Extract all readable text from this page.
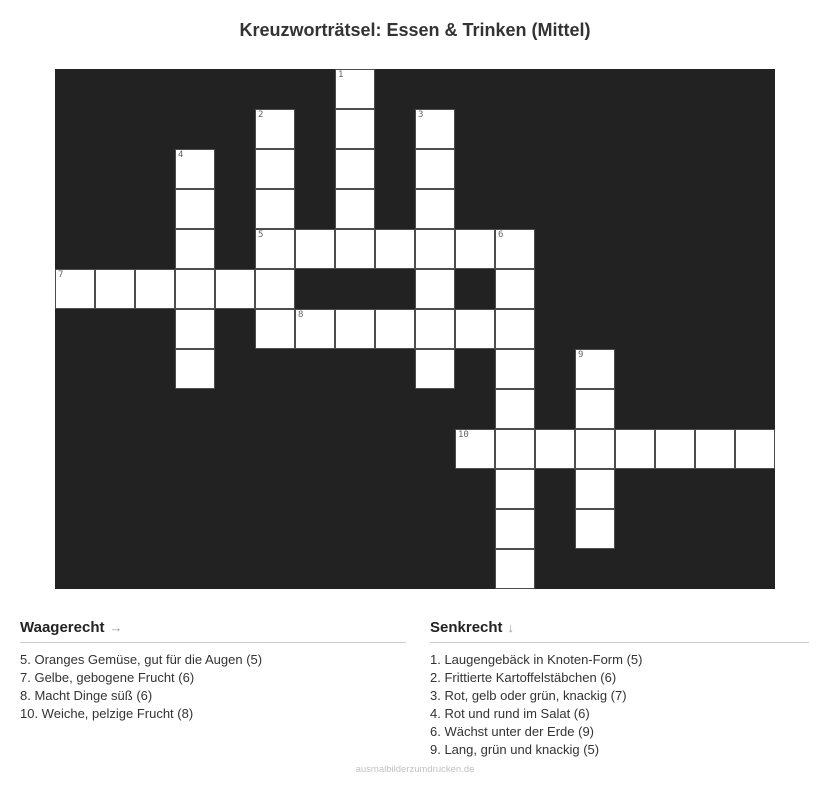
Kreuzworträtsel: Essen & Trinken (Mittel)
1
2	3
4
5	6
7
8
9
10
Waagerecht →
5. Oranges Gemüse, gut für die Augen (5)
7. Gelbe, gebogene Frucht (6)
8. Macht Dinge süß (6)
10. Weiche, pelzige Frucht (8)
Senkrecht ↓
1. Laugengebäck in Knoten-Form (5)
2. Frittierte Kartoffelstäbchen (6)
3. Rot, gelb oder grün, knackig (7)
4. Rot und rund im Salat (6)
6. Wächst unter der Erde (9)
9. Lang, grün und knackig (5)
ausmalbilderzumdrucken.de
